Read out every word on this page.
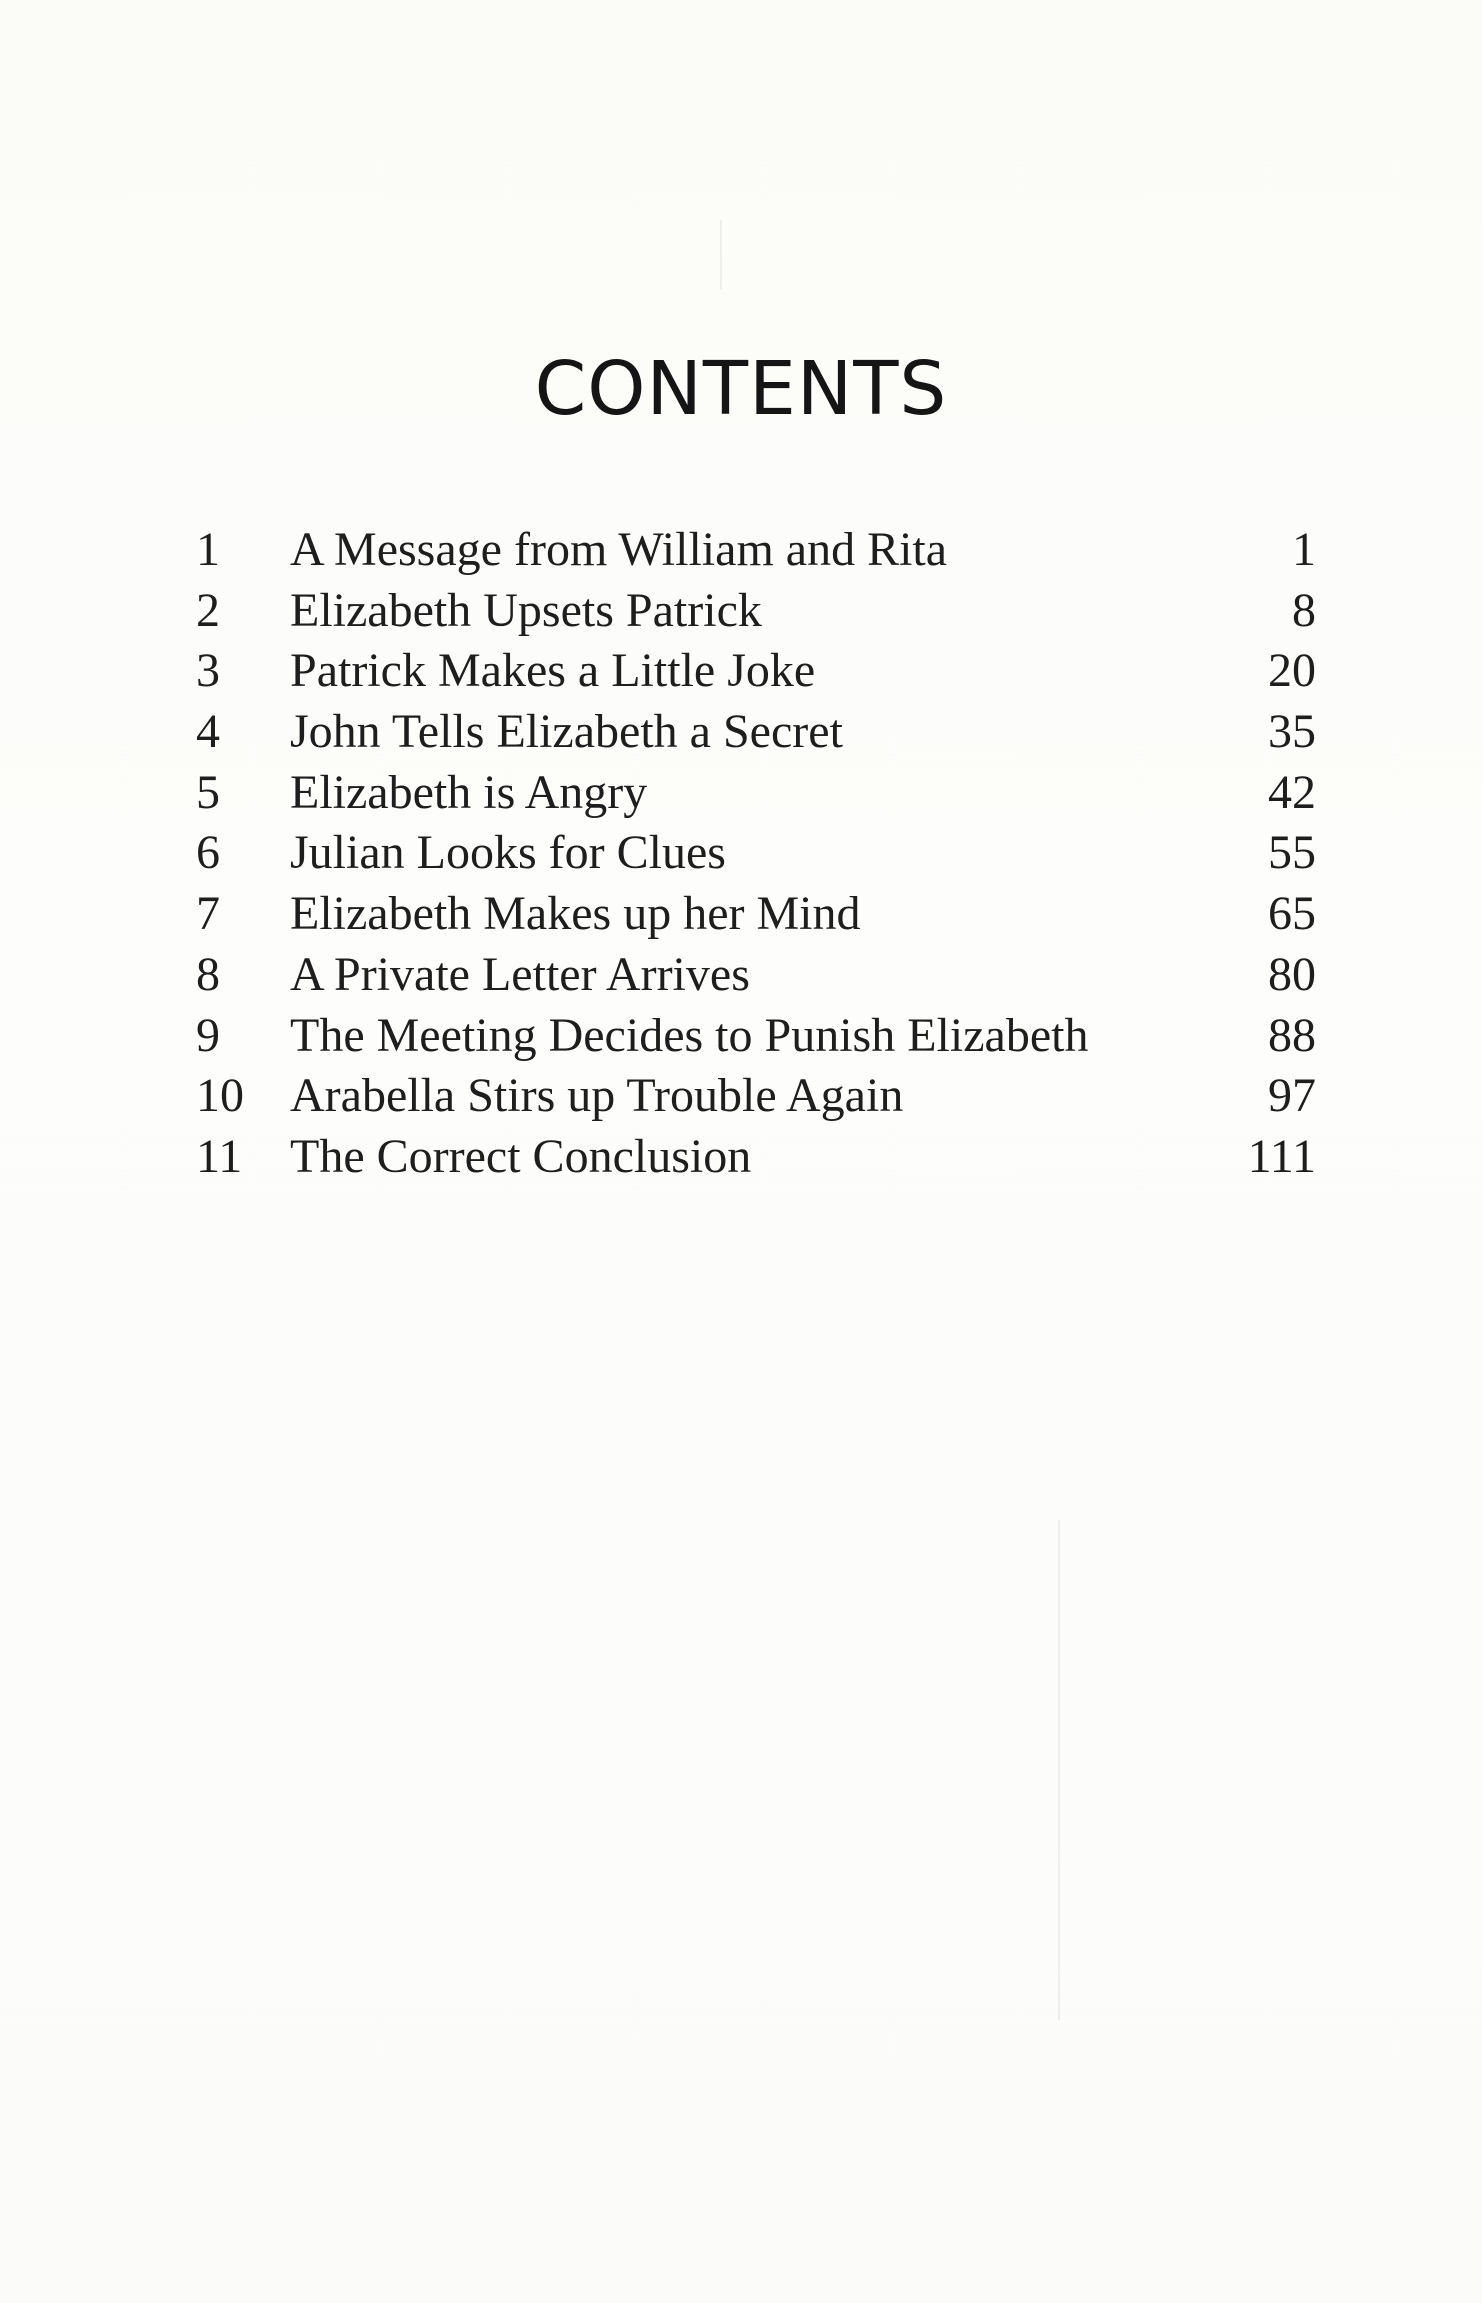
CONTENTS
1	A Message from William and Rita	1
2	Elizabeth Upsets Patrick	8
3	Patrick Makes a Little Joke	20
4	John Tells Elizabeth a Secret	35
5	Elizabeth is Angry	42
6	Julian Looks for Clues	55
7	Elizabeth Makes up her Mind	65
8	A Private Letter Arrives	80
9	The Meeting Decides to Punish Elizabeth	88
10 Arabella Stirs up Trouble Again	97
11 The Correct Conclusion	111
